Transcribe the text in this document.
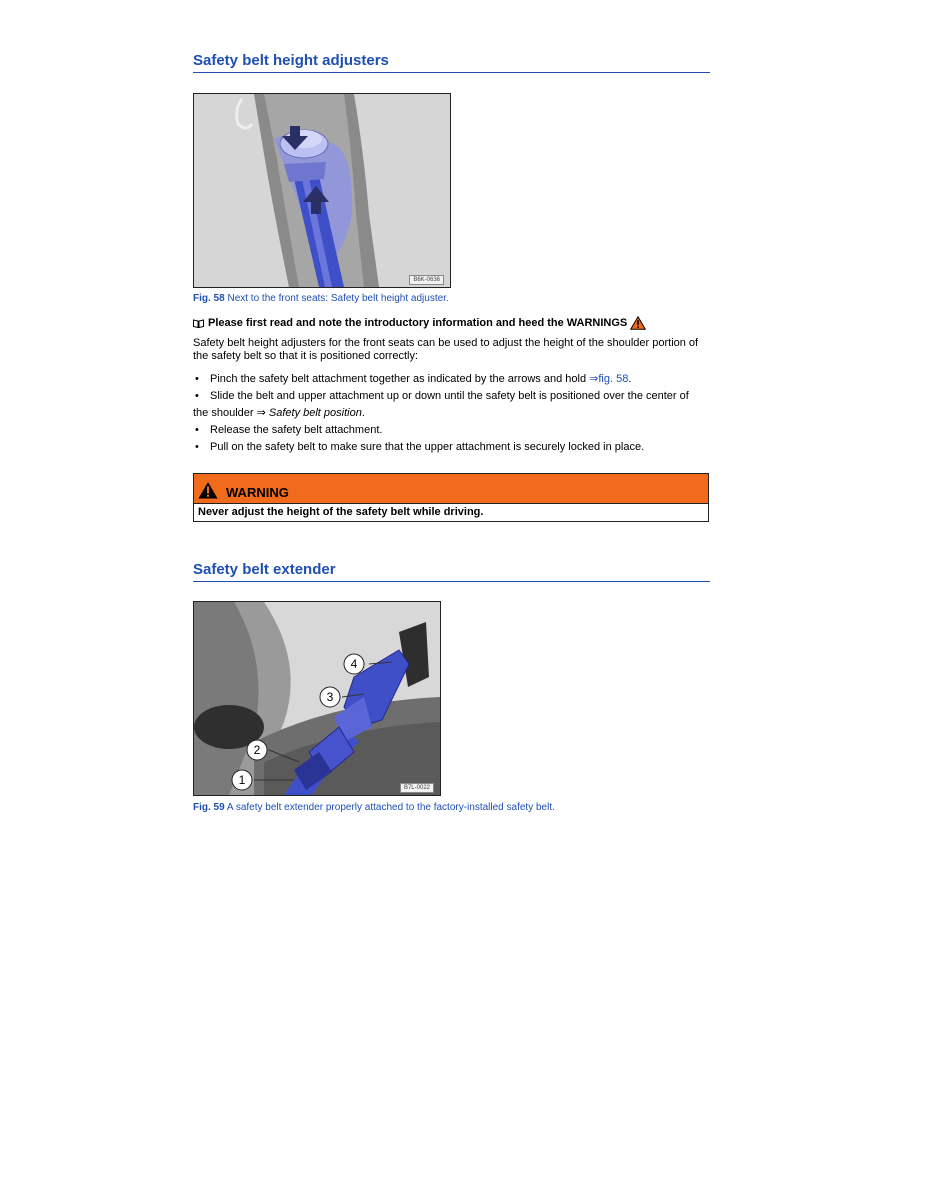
Safety belt height adjusters
B6K-0636
Fig. 58 Next to the front seats: Safety belt height adjuster.
Please first read and note the introductory information and heed the WARNINGS
Safety belt height adjusters for the front seats can be used to adjust the height of the shoulder portion of the safety belt so that it is positioned correctly:
• Pinch the safety belt attachment together as indicated by the arrows and hold ⇒fig. 58.
• Slide the belt and upper attachment up or down until the safety belt is positioned over the center of
the shoulder ⇒ Safety belt position.
• Release the safety belt attachment.
• Pull on the safety belt to make sure that the upper attachment is securely locked in place.
WARNING
Never adjust the height of the safety belt while driving.
Safety belt extender
4
3
2
1
B7L-0022
Fig. 59 A safety belt extender properly attached to the factory-installed safety belt.
